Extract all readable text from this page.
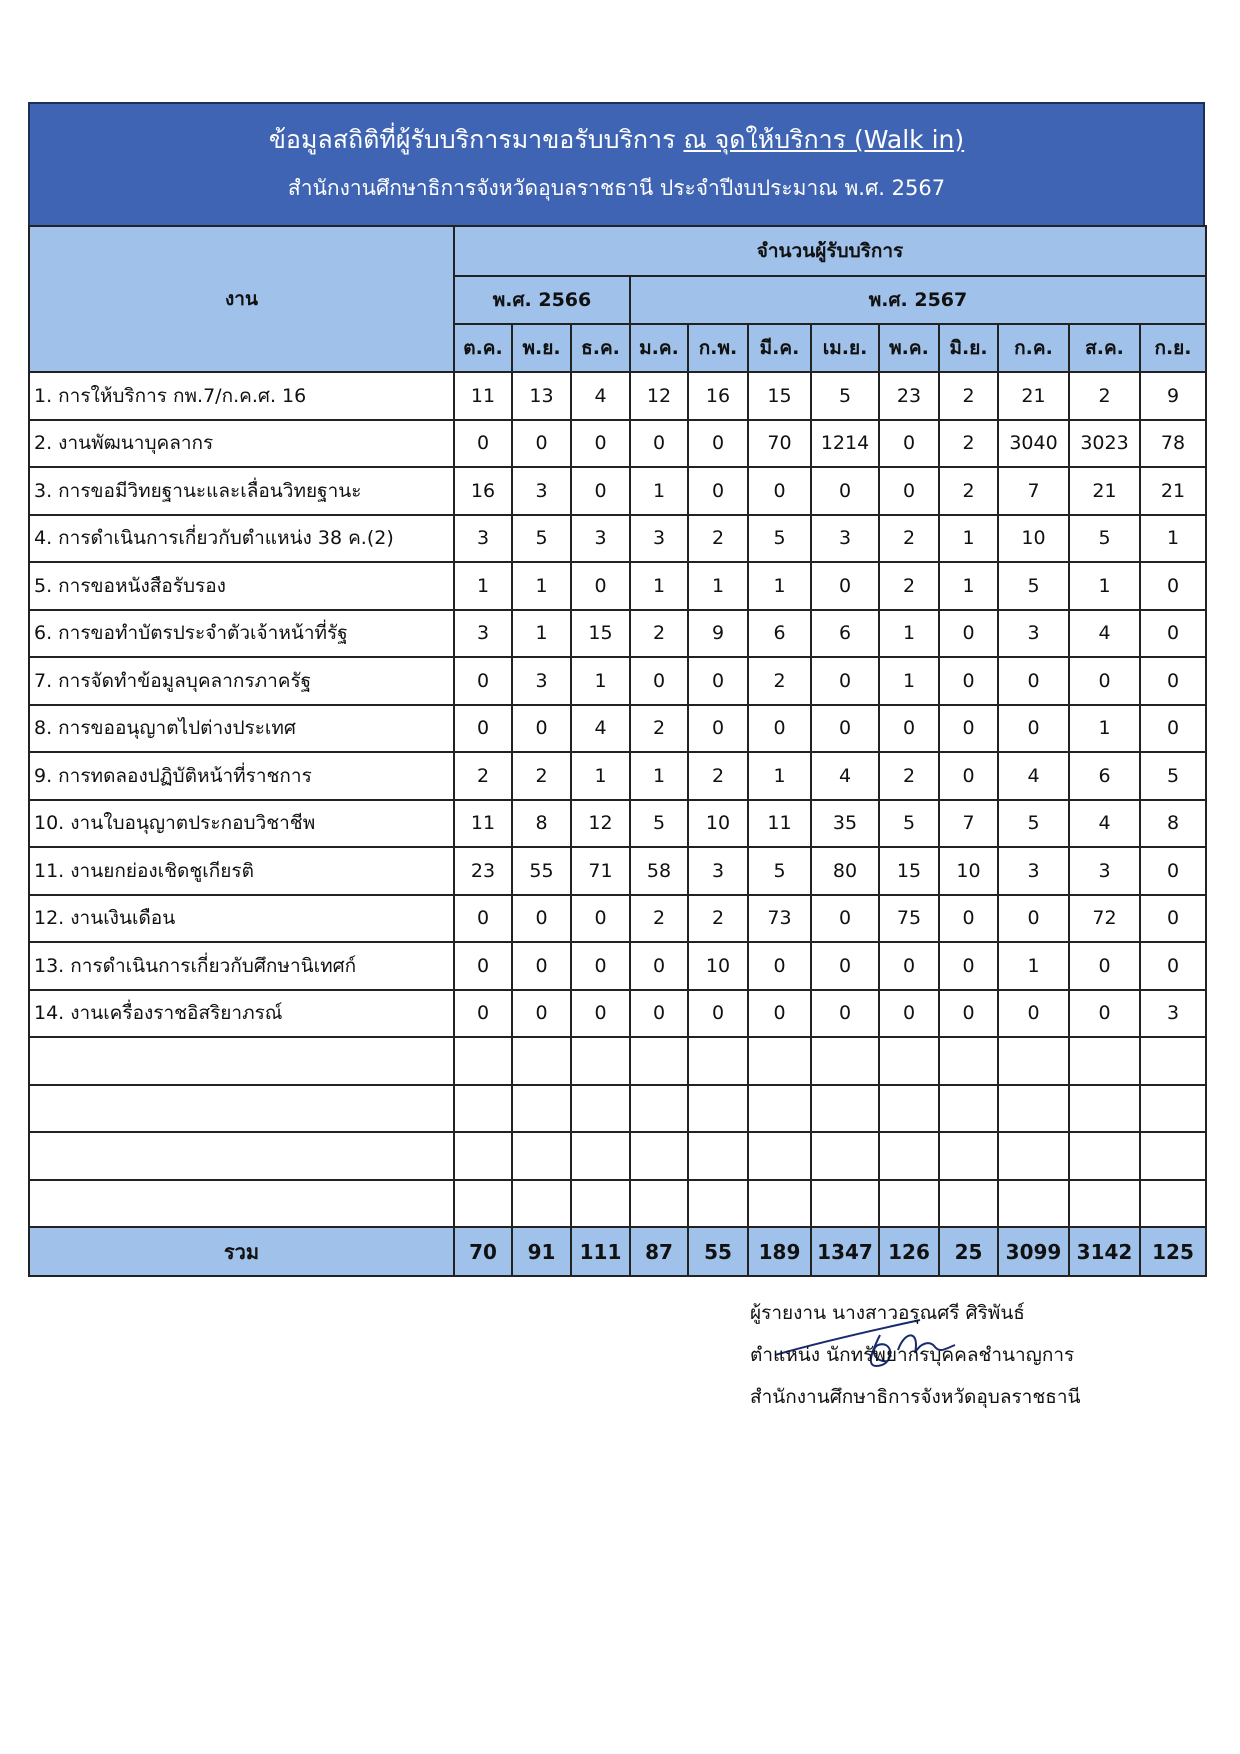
ข้อมูลสถิติที่ผู้รับบริการมาขอรับบริการ ณ จุดให้บริการ (Walk in)
สำนักงานศึกษาธิการจังหวัดอุบลราชธานี ประจำปีงบประมาณ พ.ศ. 2567
งาน	จำนวนผู้รับบริการ											
	พ.ศ. 2566			พ.ศ. 2567								
	ต.ค.	พ.ย.	ธ.ค.	ม.ค.	ก.พ.	มี.ค.	เม.ย.	พ.ค.	มิ.ย.	ก.ค.	ส.ค.	ก.ย.
1. การให้บริการ กพ.7/ก.ค.ศ. 16	11	13	4	12	16	15	5	23	2	21	2	9
2. งานพัฒนาบุคลากร	0	0	0	0	0	70	1214	0	2	3040	3023	78
3. การขอมีวิทยฐานะและเลื่อนวิทยฐานะ	16	3	0	1	0	0	0	0	2	7	21	21
4. การดำเนินการเกี่ยวกับตำแหน่ง 38 ค.(2)	3	5	3	3	2	5	3	2	1	10	5	1
5. การขอหนังสือรับรอง	1	1	0	1	1	1	0	2	1	5	1	0
6. การขอทำบัตรประจำตัวเจ้าหน้าที่รัฐ	3	1	15	2	9	6	6	1	0	3	4	0
7. การจัดทำข้อมูลบุคลากรภาครัฐ	0	3	1	0	0	2	0	1	0	0	0	0
8. การขออนุญาตไปต่างประเทศ	0	0	4	2	0	0	0	0	0	0	1	0
9. การทดลองปฏิบัติหน้าที่ราชการ	2	2	1	1	2	1	4	2	0	4	6	5
10. งานใบอนุญาตประกอบวิชาชีพ	11	8	12	5	10	11	35	5	7	5	4	8
11. งานยกย่องเชิดชูเกียรติ	23	55	71	58	3	5	80	15	10	3	3	0
12. งานเงินเดือน	0	0	0	2	2	73	0	75	0	0	72	0
13. การดำเนินการเกี่ยวกับศึกษานิเทศก์	0	0	0	0	10	0	0	0	0	1	0	0
14. งานเครื่องราชอิสริยาภรณ์	0	0	0	0	0	0	0	0	0	0	0	3

รวม	70	91	111	87	55	189	1347	126	25	3099	3142	125
ผู้รายงาน นางสาวอรุณศรี ศิริพันธ์
ตำแหน่ง นักทรัพยากรบุคคลชำนาญการ
สำนักงานศึกษาธิการจังหวัดอุบลราชธานี
